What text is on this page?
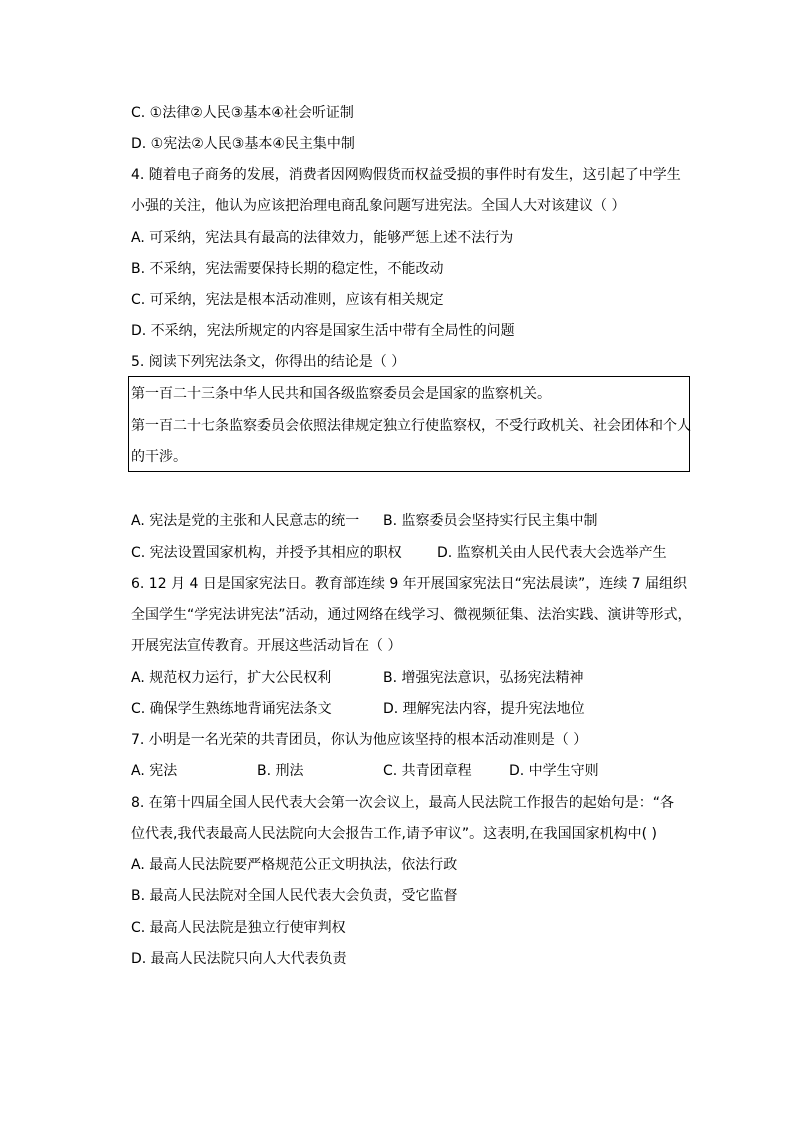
C. ①法律②人民③基本④社会听证制
D. ①宪法②人民③基本④民主集中制
4. 随着电子商务的发展，消费者因网购假货而权益受损的事件时有发生，这引起了中学生
小强的关注，他认为应该把治理电商乱象问题写进宪法。全国人大对该建议（ ）
A. 可采纳，宪法具有最高的法律效力，能够严惩上述不法行为
B. 不采纳，宪法需要保持长期的稳定性，不能改动
C. 可采纳，宪法是根本活动准则，应该有相关规定
D. 不采纳，宪法所规定的内容是国家生活中带有全局性的问题
5. 阅读下列宪法条文，你得出的结论是（ ）
第一百二十三条中华人民共和国各级监察委员会是国家的监察机关。
第一百二十七条监察委员会依照法律规定独立行使监察权，不受行政机关、社会团体和个人
的干涉。
A. 宪法是党的主张和人民意志的统一	B. 监察委员会坚持实行民主集中制
C. 宪法设置国家机构，并授予其相应的职权	D. 监察机关由人民代表大会选举产生
6. 12 月 4 日是国家宪法日。教育部连续 9 年开展国家宪法日“宪法晨读”，连续 7 届组织
全国学生“学宪法讲宪法”活动，通过网络在线学习、微视频征集、法治实践、演讲等形式，
开展宪法宣传教育。开展这些活动旨在（ ）
A. 规范权力运行，扩大公民权利	B. 增强宪法意识，弘扬宪法精神
C. 确保学生熟练地背诵宪法条文	D. 理解宪法内容，提升宪法地位
7. 小明是一名光荣的共青团员，你认为他应该坚持的根本活动准则是（ ）
A. 宪法	B. 刑法	C. 共青团章程	D. 中学生守则
8. 在第十四届全国人民代表大会第一次会议上，最高人民法院工作报告的起始句是：“各
位代表,我代表最高人民法院向大会报告工作,请予审议”。这表明,在我国国家机构中( )
A. 最高人民法院要严格规范公正文明执法，依法行政
B. 最高人民法院对全国人民代表大会负责，受它监督
C. 最高人民法院是独立行使审判权
D. 最高人民法院只向人大代表负责
